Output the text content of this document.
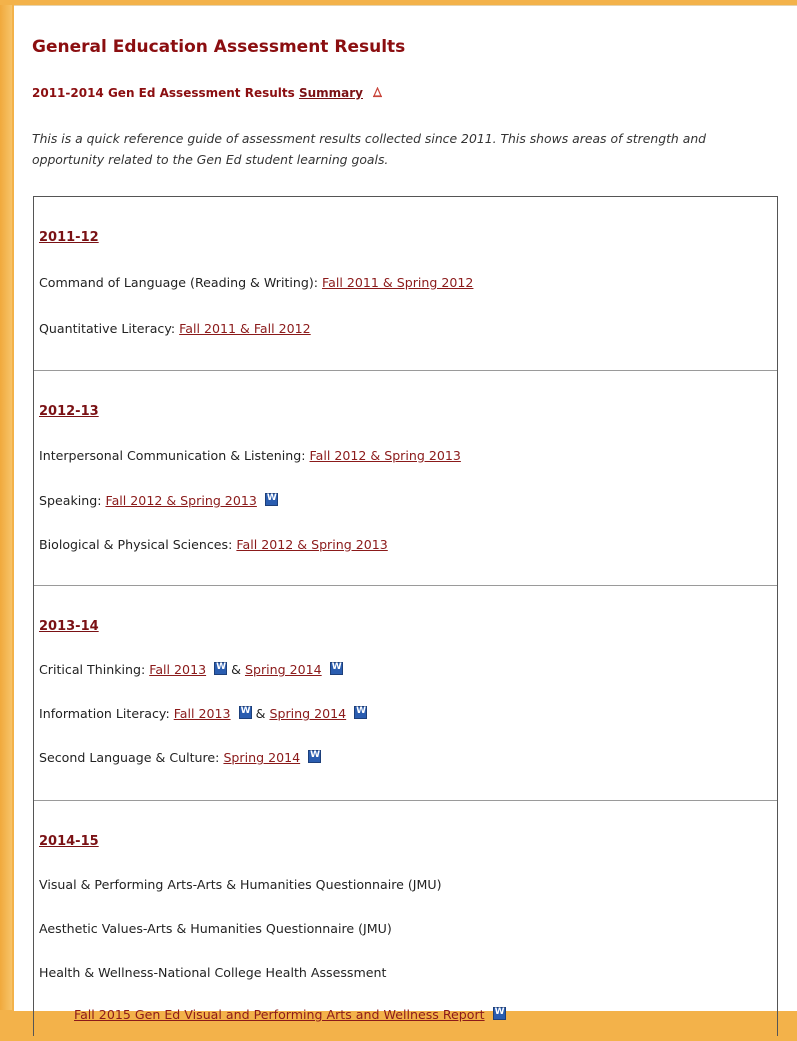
General Education Assessment Results
2011-2014 Gen Ed Assessment Results Summary

This is a quick reference guide of assessment results collected since 2011. This shows areas of strength and opportunity related to the Gen Ed student learning goals.

2011-12
Command of Language (Reading & Writing): Fall 2011 & Spring 2012
Quantitative Literacy: Fall 2011 & Fall 2012
2012-13
Interpersonal Communication & Listening: Fall 2012 & Spring 2013
Speaking: Fall 2012 & Spring 2013 W
Biological & Physical Sciences: Fall 2012 & Spring 2013
2013-14
Critical Thinking: Fall 2013 W & Spring 2014 W
Information Literacy: Fall 2013 W & Spring 2014 W
Second Language & Culture: Spring 2014 W
2014-15
Visual & Performing Arts-Arts & Humanities Questionnaire (JMU)
Aesthetic Values-Arts & Humanities Questionnaire (JMU)
Health & Wellness-National College Health Assessment
Fall 2015 Gen Ed Visual and Performing Arts and Wellness Report W
